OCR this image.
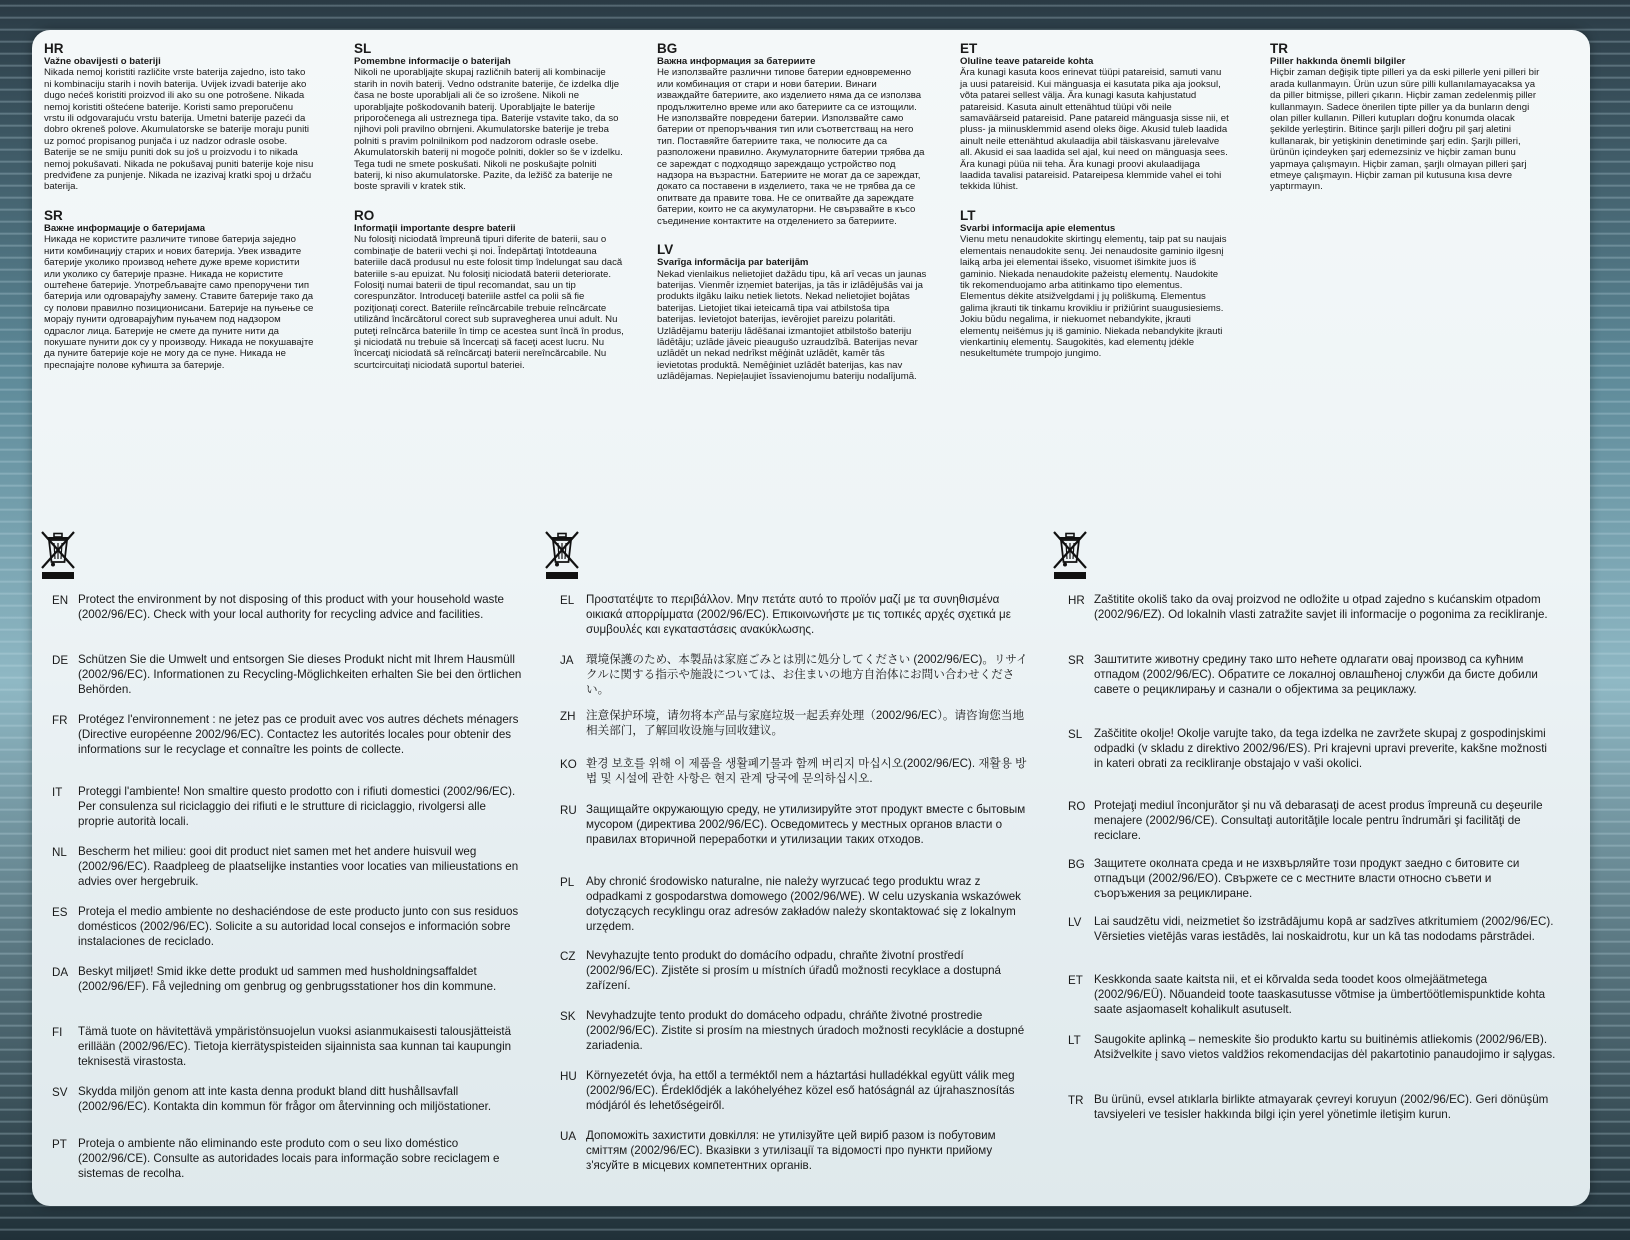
HR
Važne obavijesti o bateriji
Nikada nemoj koristiti različite vrste baterija zajedno, isto tako ni kombinaciju starih i novih baterija. Uvijek izvadi baterije ako dugo nećeš koristiti proizvod ili ako su one potrošene. Nikada nemoj koristiti oštećene baterije. Koristi samo preporučenu vrstu ili odgovarajuću vrstu baterija. Umetni baterije pazeći da dobro okreneš polove. Akumulatorske se baterije moraju puniti uz pomoć propisanog punjača i uz nadzor odrasle osobe. Baterije se ne smiju puniti dok su još u proizvodu i to nikada nemoj pokušavati. Nikada ne pokušavaj puniti baterije koje nisu predviđene za punjenje. Nikada ne izazivaj kratki spoj u držaču baterija.
SR
Важне информације о батеријама
Никада не користите различите типове батерија заједно нити комбинацију старих и нових батерија. Увек извадите батерије уколико производ нећете дуже време користити или уколико су батерије празне. Никада не користите оштећене батерије. Употребљавајте само препоручени тип батерија или одговарајућу замену. Ставите батерије тако да су полови правилно позиционисани. Батерије на пуњење се морају пунити одговарајућим пуњачем под надзором одраслог лица. Батерије не смете да пуните нити да покушате пунити док су у производу. Никада не покушавајте да пуните батерије које не могу да се пуне. Никада не преспајајте полове кућишта за батерије.
SL
Pomembne informacije o baterijah
Nikoli ne uporabljajte skupaj različnih baterij ali kombinacije starih in novih baterij. Vedno odstranite baterije, če izdelka dlje časa ne boste uporabljali ali če so izrošene. Nikoli ne uporabljajte poškodovanih baterij. Uporabljajte le baterije priporočenega ali ustreznega tipa. Baterije vstavite tako, da so njihovi poli pravilno obrnjeni. Akumulatorske baterije je treba polniti s pravim polnilnikom pod nadzorom odrasle osebe. Akumulatorskih baterij ni mogoče polniti, dokler so še v izdelku. Tega tudi ne smete poskušati. Nikoli ne poskušajte polniti baterij, ki niso akumulatorske. Pazite, da ležišč za baterije ne boste spravili v kratek stik.
RO
Informaţii importante despre baterii
Nu folosiţi niciodată împreună tipuri diferite de baterii, sau o combinaţie de baterii vechi şi noi. Îndepărtaţi întotdeauna bateriile dacă produsul nu este folosit timp îndelungat sau dacă bateriile s-au epuizat. Nu folosiţi niciodată baterii deteriorate. Folosiţi numai baterii de tipul recomandat, sau un tip corespunzător. Introduceţi bateriile astfel ca polii să fie poziţionaţi corect. Bateriile reîncărcabile trebuie reîncărcate utilizând încărcătorul corect sub supravegherea unui adult. Nu puteţi reîncărca bateriile în timp ce acestea sunt încă în produs, şi niciodată nu trebuie să încercaţi să faceţi acest lucru. Nu încercaţi niciodată să reîncărcaţi baterii nereîncărcabile. Nu scurtcircuitaţi niciodată suportul bateriei.
BG
Важна информация за батериите
Не използвайте различни типове батерии едновременно или комбинация от стари и нови батерии. Винаги изваждайте батериите, ако изделието няма да се използва продължително време или ако батериите са се изтощили. Не използвайте повредени батерии. Използвайте само батерии от препоръчвания тип или съответстващ на него тип. Поставяйте батериите така, че полюсите да са разположени правилно. Акумулаторните батерии трябва да се зареждат с подходящо зареждащо устройство под надзора на възрастни. Батериите не могат да се зареждат, докато са поставени в изделието, така че не трябва да се опитвате да правите това. Не се опитвайте да зареждате батерии, които не са акумулаторни. Не свързвайте в късо съединение контактите на отделението за батериите.
LV
Svarīga informācija par baterijām
Nekad vienlaikus nelietojiet dažādu tipu, kā arī vecas un jaunas baterijas. Vienmēr izņemiet baterijas, ja tās ir izlādējušās vai ja produkts ilgāku laiku netiek lietots. Nekad nelietojiet bojātas baterijas. Lietojiet tikai ieteicamā tipa vai atbilstoša tipa baterijas. Ievietojot baterijas, ievērojiet pareizu polaritāti. Uzlādējamu bateriju lādēšanai izmantojiet atbilstošo bateriju lādētāju; uzlāde jāveic pieaugušo uzraudzībā. Baterijas nevar uzlādēt un nekad nedrīkst mēģināt uzlādēt, kamēr tās ievietotas produktā. Nemēģiniet uzlādēt baterijas, kas nav uzlādējamas. Nepieļaujiet īssavienojumu bateriju nodalījumā.
ET
Olulîne teave patareide kohta
Ära kunagi kasuta koos erinevat tüüpi patareisid, samuti vanu ja uusi patareisid. Kui mänguasja ei kasutata pika aja jooksul, võta patarei sellest välja. Ära kunagi kasuta kahjustatud patareisid. Kasuta ainult ettenähtud tüüpi või neile samaväärseid patareisid. Pane patareid mänguasja sisse nii, et pluss- ja miinusklemmid asend oleks õige. Akusid tuleb laadida ainult neile ettenähtud akulaadija abil täiskasvanu järelevalve all. Akusid ei saa laadida sel ajal, kui need on mänguasja sees. Ära kunagi püüa nii teha. Ära kunagi proovi akulaadijaga laadida tavalisi patareisid. Patareipesa klemmide vahel ei tohi tekkida lühist.
LT
Svarbi informacija apie elementus
Vienu metu nenaudokite skirtingų elementų, taip pat su naujais elementais nenaudokite senų. Jei nenaudosite gaminio ilgesnį laiką arba jei elementai išseko, visuomet išimkite juos iš gaminio. Niekada nenaudokite pažeistų elementų. Naudokite tik rekomenduojamo arba atitinkamo tipo elementus. Elementus dėkite atsižvelgdami į jų poliškumą. Elementus galima įkrauti tik tinkamu krovikliu ir prižiūrint suaugusiesiems. Jokiu būdu negalima, ir niekuomet nebandykite, įkrauti elementų neišėmus jų iš gaminio. Niekada nebandykite įkrauti vienkartinių elementų. Saugokitės, kad elementų įdėkle nesukeltumėte trumpojo jungimo.
TR
Piller hakkında önemli bilgiler
Hiçbir zaman değişik tipte pilleri ya da eski pillerle yeni pilleri bir arada kullanmayın. Ürün uzun süre pilli kullanılamayacaksa ya da piller bitmişse, pilleri çıkarın. Hiçbir zaman zedelenmiş piller kullanmayın. Sadece önerilen tipte piller ya da bunların dengi olan piller kullanın. Pilleri kutupları doğru konumda olacak şekilde yerleştirin. Bitince şarjlı pilleri doğru pil şarj aletini kullanarak, bir yetişkinin denetiminde şarj edin. Şarjlı pilleri, ürünün içindeyken şarj edemezsiniz ve hiçbir zaman bunu yapmaya çalışmayın. Hiçbir zaman, şarjlı olmayan pilleri şarj etmeye çalışmayın. Hiçbir zaman pil kutusuna kısa devre yaptırmayın.
EN Protect the environment by not disposing of this product with your household waste (2002/96/EC). Check with your local authority for recycling advice and facilities.
DE Schützen Sie die Umwelt und entsorgen Sie dieses Produkt nicht mit Ihrem Hausmüll (2002/96/EC). Informationen zu Recycling-Möglichkeiten erhalten Sie bei den örtlichen Behörden.
FR Protégez l'environnement : ne jetez pas ce produit avec vos autres déchets ménagers (Directive européenne 2002/96/EC). Contactez les autorités locales pour obtenir des informations sur le recyclage et connaître les points de collecte.
IT	Proteggi l'ambiente! Non smaltire questo prodotto con i rifiuti domestici (2002/96/EC). Per consulenza sul riciclaggio dei rifiuti e le strutture di riciclaggio, rivolgersi alle proprie autorità locali.
NL Bescherm het milieu: gooi dit product niet samen met het andere huisvuil weg (2002/96/EC). Raadpleeg de plaatselijke instanties voor locaties van milieustations en advies over hergebruik.
ES Proteja el medio ambiente no deshaciéndose de este producto junto con sus residuos domésticos (2002/96/EC). Solicite a su autoridad local consejos e información sobre instalaciones de reciclado.
DA Beskyt miljøet! Smid ikke dette produkt ud sammen med husholdningsaffaldet (2002/96/EF). Få vejledning om genbrug og genbrugsstationer hos din kommune.
FI	Tämä tuote on hävitettävä ympäristönsuojelun vuoksi asianmukaisesti talousjätteistä erillään (2002/96/EC). Tietoja kierrätyspisteiden sijainnista saa kunnan tai kaupungin teknisestä virastosta.
SV Skydda miljön genom att inte kasta denna produkt bland ditt hushållsavfall (2002/96/EC). Kontakta din kommun för frågor om återvinning och miljöstationer.
PT Proteja o ambiente não eliminando este produto com o seu lixo doméstico (2002/96/CE). Consulte as autoridades locais para informação sobre reciclagem e sistemas de recolha.
EL	Προστατέψτε το περιβάλλον. Μην πετάτε αυτό το προϊόν μαζί με τα συνηθισμένα οικιακά απορρίμματα (2002/96/EC). Επικοινωνήστε με τις τοπικές αρχές σχετικά με συμβουλές και εγκαταστάσεις ανακύκλωσης.
JA	環境保護のため、本製品は家庭ごみとは別に処分してください (2002/96/EC)。リサイクルに関する指示や施設については、お住まいの地方自治体にお問い合わせください。
ZH 注意保护环境，请勿将本产品与家庭垃圾一起丢弃处理（2002/96/EC）。请咨询您当地相关部门，了解回收设施与回收建议。
KO 환경 보호를 위해 이 제품을 생활폐기물과 함께 버리지 마십시오(2002/96/EC). 재활용 방법 및 시설에 관한 사항은 현지 관계 당국에 문의하십시오.
RU Защищайте окружающую среду, не утилизируйте этот продукт вместе с бытовым мусором (директива 2002/96/EC). Осведомитесь у местных органов власти о правилах вторичной переработки и утилизации таких отходов.
PL	Aby chronić środowisko naturalne, nie należy wyrzucać tego produktu wraz z odpadkami z gospodarstwa domowego (2002/96/WE). W celu uzyskania wskazówek dotyczących recyklingu oraz adresów zakładów należy skontaktować się z lokalnym urzędem.
CZ Nevyhazujte tento produkt do domácího odpadu, chraňte životní prostředí (2002/96/EC). Zjistěte si prosím u místních úřadů možnosti recyklace a dostupná zařízení.
SK Nevyhadzujte tento produkt do domáceho odpadu, chráňte životné prostredie (2002/96/EC). Zistite si prosím na miestnych úradoch možnosti recyklácie a dostupné zariadenia.
HU Környezetét óvja, ha ettől a terméktől nem a háztartási hulladékkal együtt válik meg (2002/96/EC). Érdeklődjék a lakóhelyéhez közel eső hatóságnál az újrahasznosítás módjáról és lehetőségeiről.
UA Допоможіть захистити довкілля: не утилізуйте цей виріб разом із побутовим сміттям (2002/96/EC). Вказівки з утилізації та відомості про пункти прийому з'ясуйте в місцевих компетентних органів.
HR Zaštitite okoliš tako da ovaj proizvod ne odložite u otpad zajedno s kućanskim otpadom (2002/96/EZ). Od lokalnih vlasti zatražite savjet ili informacije o pogonima za recikliranje.
SR Заштитите животну средину тако што нећете одлагати овај производ са кућним отпадом (2002/96/EC). Обратите се локалној овлашћеној служби да бисте добили савете о рециклирању и сазнали о објектима за рециклажу.
SL	Zaščitite okolje! Okolje varujte tako, da tega izdelka ne zavržete skupaj z gospodinjskimi odpadki (v skladu z direktivo 2002/96/ES). Pri krajevni upravi preverite, kakšne možnosti in kateri obrati za recikliranje obstajajo v vaši okolici.
RO Protejaţi mediul înconjurător şi nu vă debarasaţi de acest produs împreună cu deşeurile menajere (2002/96/CE). Consultaţi autorităţile locale pentru îndrumări şi facilităţi de reciclare.
BG Защитете околната среда и не изхвърляйте този продукт заедно с битовите си отпадъци (2002/96/EO). Свържете се с местните власти относно съвети и съоръжения за рециклиране.
LV	Lai saudzētu vidi, neizmetiet šo izstrādājumu kopā ar sadzīves atkritumiem (2002/96/EC). Vērsieties vietējās varas iestādēs, lai noskaidrotu, kur un kā tas nododams pārstrādei.
ET Keskkonda saate kaitsta nii, et ei kõrvalda seda toodet koos olmejäätmetega (2002/96/EÜ). Nõuandeid toote taaskasutusse võtmise ja ümbertöötlemispunktide kohta saate asjaomaselt kohalikult asutuselt.
LT	Saugokite aplinką – nemeskite šio produkto kartu su buitinėmis atliekomis (2002/96/EB). Atsižvelkite į savo vietos valdžios rekomendacijas dėl pakartotinio panaudojimo ir sąlygas.
TR Bu ürünü, evsel atıklarla birlikte atmayarak çevreyi koruyun (2002/96/EC). Geri dönüşüm tavsiyeleri ve tesisler hakkında bilgi için yerel yönetimle iletişim kurun.
